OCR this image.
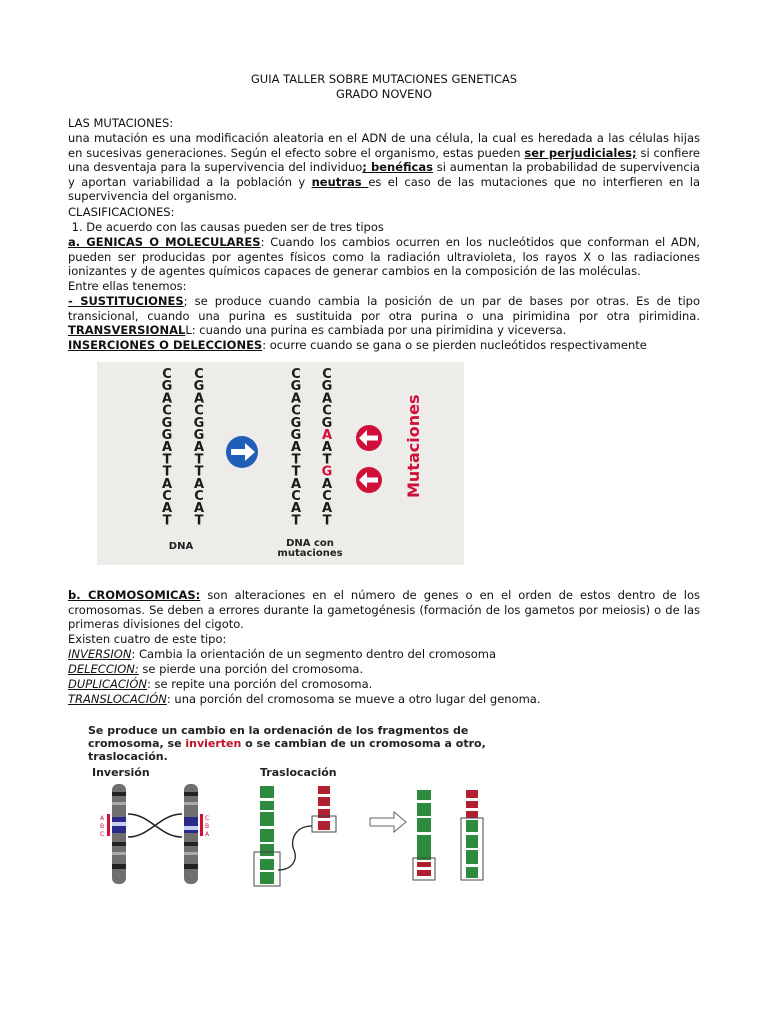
GUIA TALLER SOBRE MUTACIONES GENETICAS
GRADO NOVENO
LAS MUTACIONES:
una mutación es una modificación aleatoria en el ADN de una célula, la cual es heredada a las células hijas en sucesivas generaciones. Según el efecto sobre el organismo, estas pueden ser perjudiciales; si confiere una desventaja para la supervivencia del individuo; benéficas si aumentan la probabilidad de supervivencia y aportan variabilidad a la población y neutras es el caso de las mutaciones que no interfieren en la supervivencia del organismo.
CLASIFICACIONES:
1. De acuerdo con las causas pueden ser de tres tipos
a. GENICAS O MOLECULARES: Cuando los cambios ocurren en los nucleótidos que conforman el ADN, pueden ser producidas por agentes físicos como la radiación ultravioleta, los rayos X o las radiaciones ionizantes y de agentes químicos capaces de generar cambios en la composición de las moléculas.
Entre ellas tenemos:
- SUSTITUCIONES; se produce cuando cambia la posición de un par de bases por otras. Es de tipo transicional, cuando una purina es sustituida por otra purina o una pirimidina por otra pirimidina. TRANSVERSIONALL: cuando una purina es cambiada por una pirimidina y viceversa.
INSERCIONES O DELECCIONES: ocurre cuando se gana o se pierden nucleótidos respectivamente
b. CROMOSOMICAS: son alteraciones en el número de genes o en el orden de estos dentro de los cromosomas. Se deben a errores durante la gametogénesis (formación de los gametos por meiosis) o de las primeras divisiones del cigoto.
Existen cuatro de este tipo:
INVERSION: Cambia la orientación de un segmento dentro del cromosoma
DELECCION: se pierde una porción del cromosoma.
DUPLICACIÓN: se repite una porción del cromosoma.
TRANSLOCACIÓN: una porción del cromosoma se mueve a otro lugar del genoma.
C
G
A
C
G
G
A
T
T
A
C
A
T
C
G
A
C
G
G
A
T
T
A
C
A
T
C
G
A
C
G
G
A
T
T
A
C
A
T
C
G
A
C
G
A
A
T
G
A
C
A
T
Mutaciones
DNA	DNA con
mutaciones
Se produce un cambio en la ordenación de los fragmentos de
cromosoma, se invierten o se cambian de un cromosoma a otro,
traslocación.
Inversión	Traslocación
A
B
C
C
B
A
